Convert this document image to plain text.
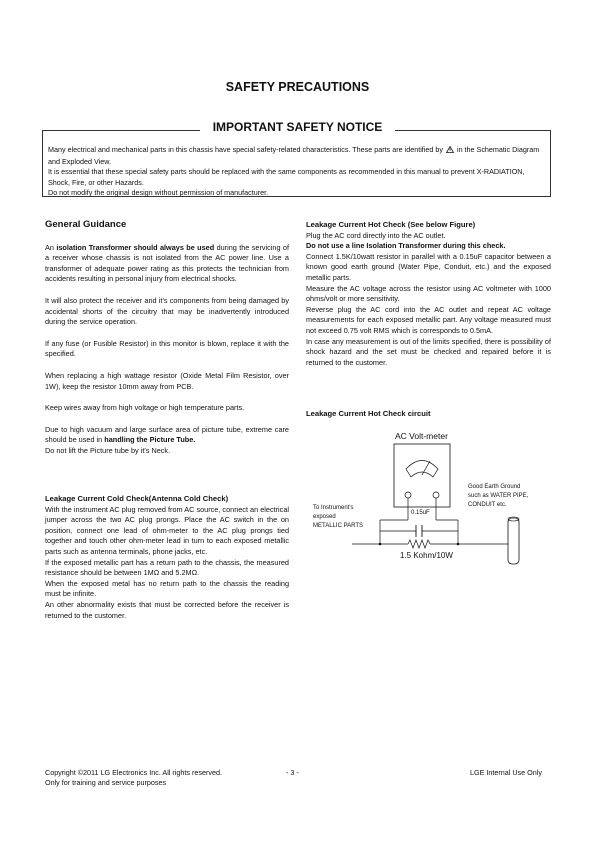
SAFETY PRECAUTIONS
IMPORTANT SAFETY NOTICE

Many electrical and mechanical parts in this chassis have special safety-related characteristics. These parts are identified by in the Schematic Diagram and Exploded View.

It is essential that these special safety parts should be replaced with the same components as recommended in this manual to prevent X-RADIATION, Shock, Fire, or other Hazards.

Do not modify the original design without permission of manufacturer.

General Guidance

An isolation Transformer should always be used during the servicing of a receiver whose chassis is not isolated from the AC power line. Use a transformer of adequate power rating as this protects the technician from accidents resulting in personal injury from electrical shocks.

It will also protect the receiver and it's components from being damaged by accidental shorts of the circuitry that may be inadvertently introduced during the service operation.

If any fuse (or Fusible Resistor) in this monitor is blown, replace it with the specified.

When replacing a high wattage resistor (Oxide Metal Film Resistor, over 1W), keep the resistor 10mm away from PCB.

Keep wires away from high voltage or high temperature parts.

Due to high vacuum and large surface area of picture tube, extreme care should be used in handling the Picture Tube.

Do not lift the Picture tube by it's Neck.

Leakage Current Cold Check(Antenna Cold Check)

With the instrument AC plug removed from AC source, connect an electrical jumper across the two AC plug prongs. Place the AC switch in the on position, connect one lead of ohm-meter to the AC plug prongs tied together and touch other ohm-meter lead in turn to each exposed metallic parts such as antenna terminals, phone jacks, etc.

If the exposed metallic part has a return path to the chassis, the measured resistance should be between 1MΩ and 5.2MΩ.

When the exposed metal has no return path to the chassis the reading must be infinite.

An other abnormality exists that must be corrected before the receiver is returned to the customer.

Leakage Current Hot Check (See below Figure)

Plug the AC cord directly into the AC outlet.

Do not use a line Isolation Transformer during this check.

Connect 1.5K/10watt resistor in parallel with a 0.15uF capacitor between a known good earth ground (Water Pipe, Conduit, etc.) and the exposed metallic parts.

Measure the AC voltage across the resistor using AC voltmeter with 1000 ohms/volt or more sensitivity.

Reverse plug the AC cord into the AC outlet and repeat AC voltage measurements for each exposed metallic part. Any voltage measured must not exceed 0.75 volt RMS which is corresponds to 0.5mA.

In case any measurement is out of the limits specified, there is possibility of shock hazard and the set must be checked and repaired before it is returned to the customer.

Leakage Current Hot Check circuit
AC Volt-meter
0.15uF
1.5 Kohm/10W
To Instrument's
exposed
METALLIC PARTS
Good Earth Ground
such as WATER PIPE,
CONDUIT etc.
Copyright ©2011 LG Electronics Inc. All rights reserved.
Only for training and service purposes
- 3 -	LGE Internal Use Only
